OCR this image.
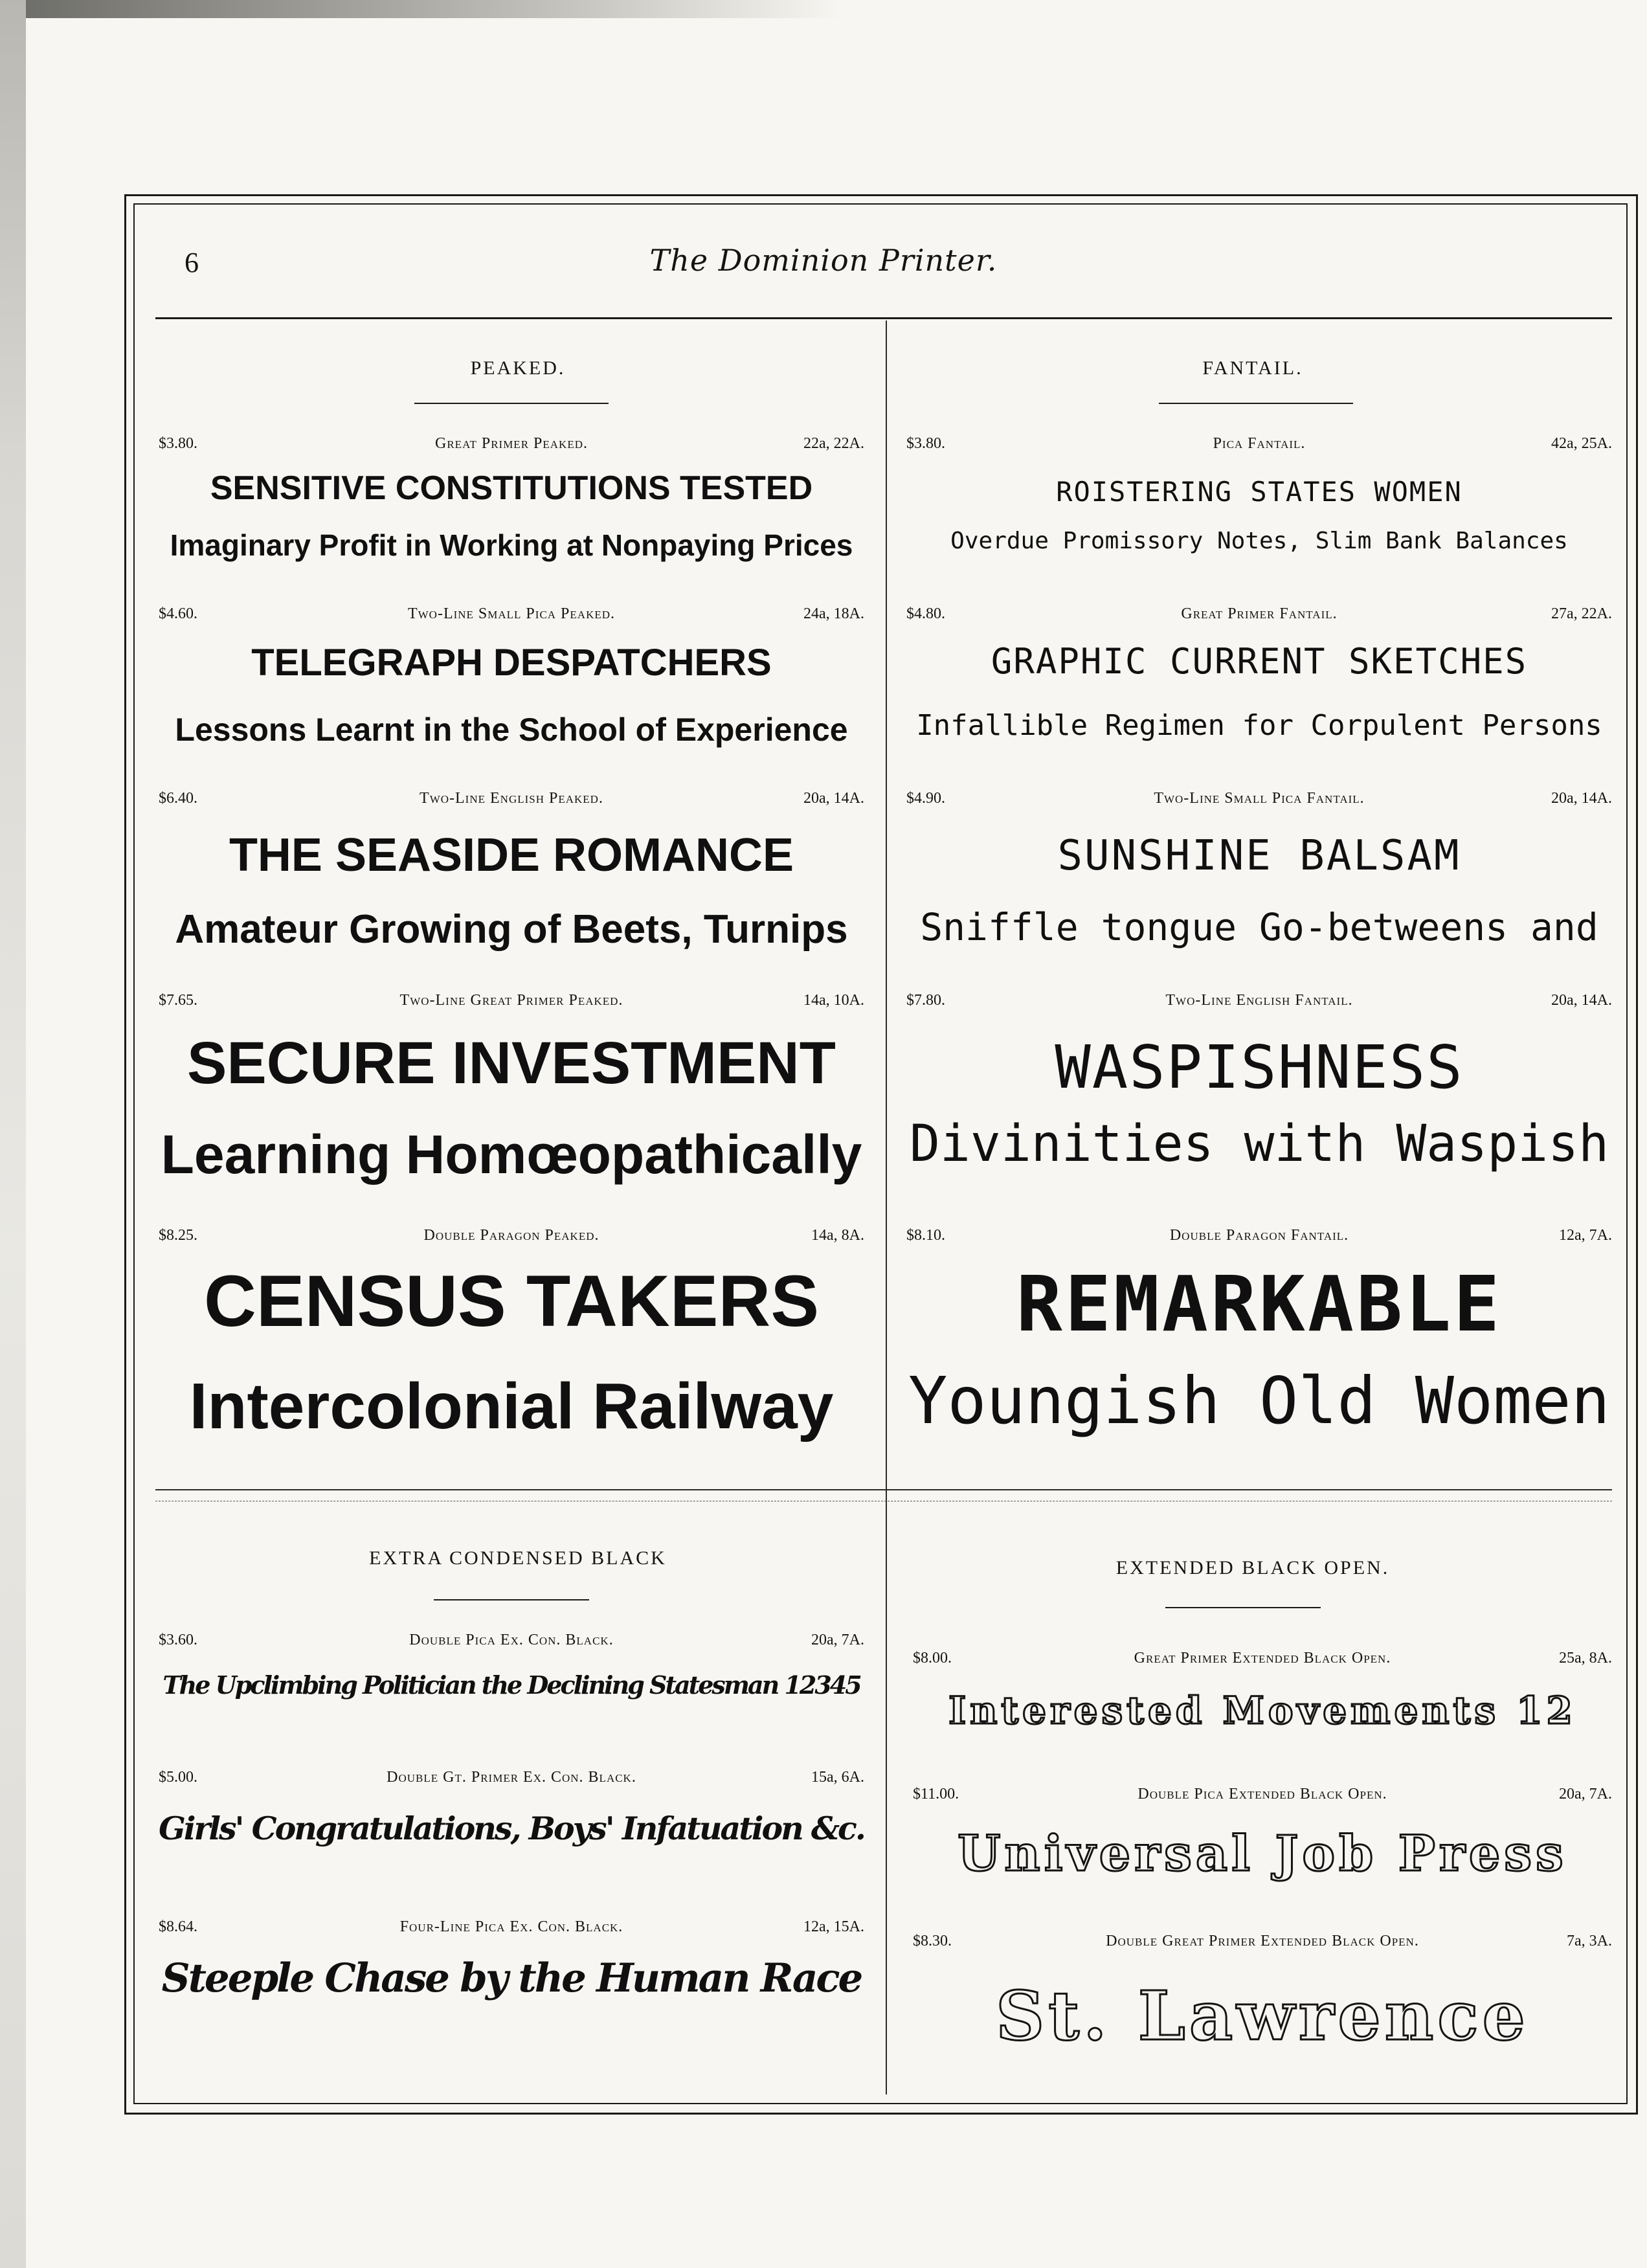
6	The Dominion Printer.
PEAKED.
$3.80.	Great Primer Peaked.	22a, 22A.
SENSITIVE CONSTITUTIONS TESTED
Imaginary Profit in Working at Nonpaying Prices
$4.60.	Two-Line Small Pica Peaked.	24a, 18A.
TELEGRAPH DESPATCHERS
Lessons Learnt in the School of Experience
$6.40.	Two-Line English Peaked.	20a, 14A.
THE SEASIDE ROMANCE
Amateur Growing of Beets, Turnips
$7.65.	Two-Line Great Primer Peaked.	14a, 10A.
SECURE INVESTMENT
Learning Homœopathically
$8.25.	Double Paragon Peaked.	14a, 8A.
CENSUS TAKERS
Intercolonial Railway
FANTAIL.
$3.80.	Pica Fantail.	42a, 25A.
ROISTERING STATES WOMEN
Overdue Promissory Notes, Slim Bank Balances
$4.80.	Great Primer Fantail.	27a, 22A.
GRAPHIC CURRENT SKETCHES
Infallible Regimen for Corpulent Persons
$4.90.	Two-Line Small Pica Fantail.	20a, 14A.
SUNSHINE BALSAM
Sniffle tongue Go-betweens and
$7.80.	Two-Line English Fantail.	20a, 14A.
WASPISHNESS
Divinities with Waspish
$8.10.	Double Paragon Fantail.	12a, 7A.
REMARKABLE
Youngish Old Women
EXTRA CONDENSED BLACK
$3.60.	Double Pica Ex. Con. Black.	20a, 7A.
The Upclimbing Politician the Declining Statesman 12345
$5.00.	Double Gt. Primer Ex. Con. Black.	15a, 6A.
Girls' Congratulations, Boys' Infatuation &c.
$8.64.	Four-Line Pica Ex. Con. Black.	12a, 15A.
Steeple Chase by the Human Race
EXTENDED BLACK OPEN.
$8.00.	Great Primer Extended Black Open.	25a, 8A.
Interested Movements 12
$11.00.	Double Pica Extended Black Open.	20a, 7A.
Universal Job Press
$8.30.	Double Great Primer Extended Black Open.	7a, 3A.
St. Lawrence
